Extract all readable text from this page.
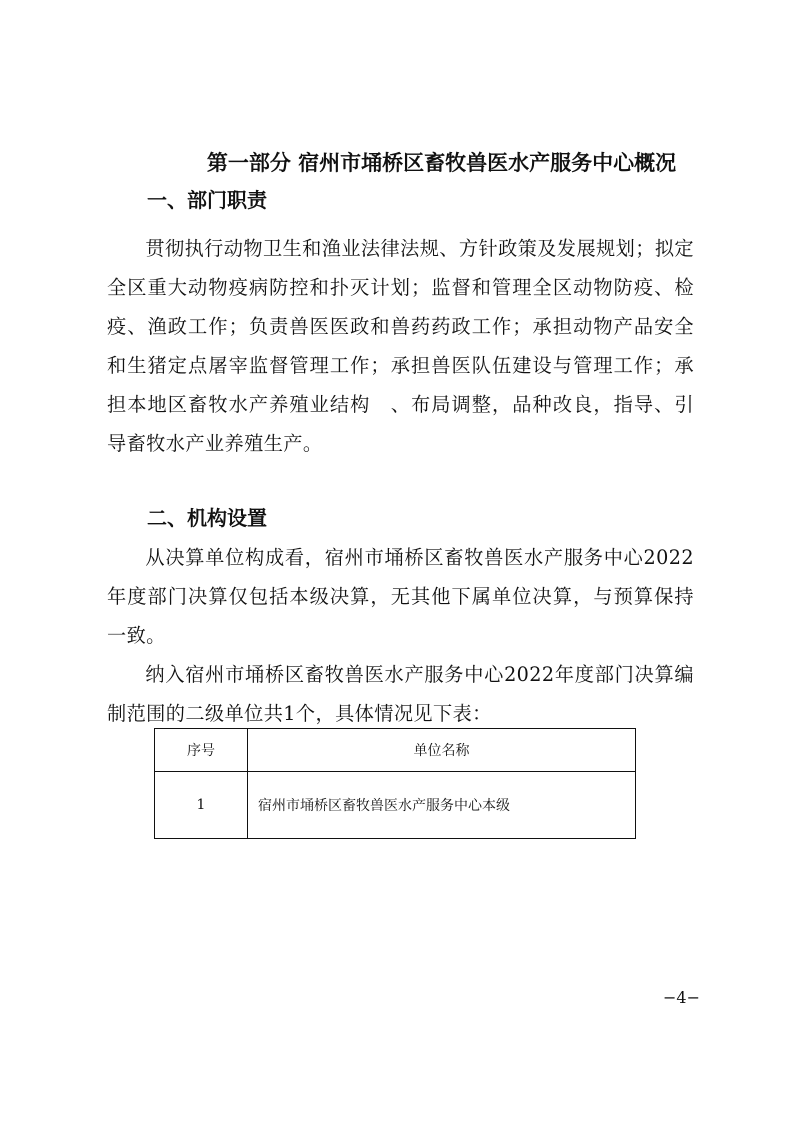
第一部分 宿州市埇桥区畜牧兽医水产服务中心概况
一、部门职责
贯彻执行动物卫生和渔业法律法规、方针政策及发展规划；拟定全区重大动物疫病防控和扑灭计划；监督和管理全区动物防疫、检疫、渔政工作；负责兽医医政和兽药药政工作；承担动物产品安全和生猪定点屠宰监督管理工作；承担兽医队伍建设与管理工作；承担本地区畜牧水产养殖业结构　、布局调整，品种改良，指导、引导畜牧水产业养殖生产。
二、机构设置
从决算单位构成看，宿州市埇桥区畜牧兽医水产服务中心2022年度部门决算仅包括本级决算，无其他下属单位决算，与预算保持一致。
纳入宿州市埇桥区畜牧兽医水产服务中心2022年度部门决算编制范围的二级单位共1个，具体情况见下表：
序号	单位名称
1	宿州市埇桥区畜牧兽医水产服务中心本级
−4−
